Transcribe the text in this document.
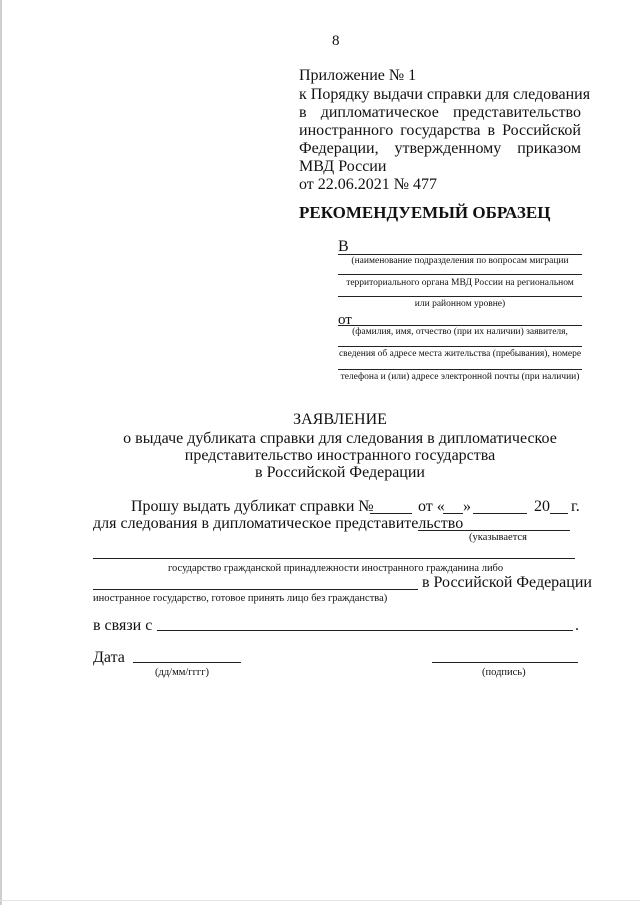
8
Приложение № 1
к Порядку выдачи справки для следования
в дипломатическое представительство
иностранного государства в Российской
Федерации, утвержденному приказом
МВД России
от 22.06.2021 № 477
РЕКОМЕНДУЕМЫЙ ОБРАЗЕЦ
В
(наименование подразделения по вопросам миграции
территориального органа МВД России на региональном
или районном уровне)
от
(фамилия, имя, отчество (при их наличии) заявителя,
сведения об адресе места жительства (пребывания), номере
телефона и (или) адресе электронной почты (при наличии)
ЗАЯВЛЕНИЕ
о выдаче дубликата справки для следования в дипломатическое
представительство иностранного государства
в Российской Федерации
Прошу выдать дубликат справки №	от « »	20 г.
для следования в дипломатическое представительство
(указывается
государство гражданской принадлежности иностранного гражданина либо
в Российской Федерации
иностранное государство, готовое принять лицо без гражданства)
в связи с	.
Дата
(дд/мм/гггг)	(подпись)
